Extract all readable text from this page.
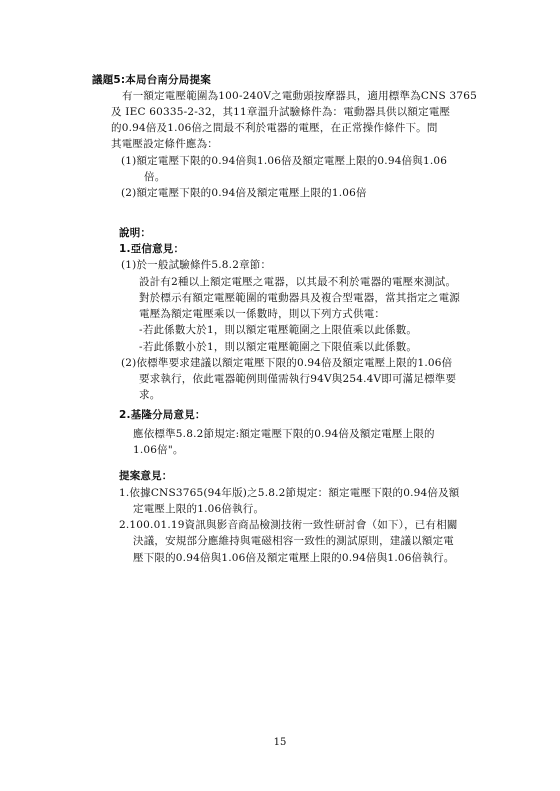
議題5:本局台南分局提案
有一額定電壓範圍為100-240V之電動頭按摩器具，適用標準為CNS 3765
及 IEC 60335-2-32，其11章溫升試驗條件為：電動器具供以額定電壓
的0.94倍及1.06倍之間最不利於電器的電壓，在正常操作條件下。問
其電壓設定條件應為：
(1)額定電壓下限的0.94倍與1.06倍及額定電壓上限的0.94倍與1.06
倍。
(2)額定電壓下限的0.94倍及額定電壓上限的1.06倍
說明：
1.亞信意見：
(1)於一般試驗條件5.8.2章節：
設計有2種以上額定電壓之電器，以其最不利於電器的電壓來測試。
對於標示有額定電壓範圍的電動器具及複合型電器，當其指定之電源
電壓為額定電壓乘以一係數時，則以下列方式供電：
-若此係數大於1，則以額定電壓範圍之上限值乘以此係數。
-若此係數小於1，則以額定電壓範圍之下限值乘以此係數。
(2)依標準要求建議以額定電壓下限的0.94倍及額定電壓上限的1.06倍
要求執行，依此電器範例則僅需執行94V與254.4V即可滿足標準要
求。
2.基隆分局意見：
應依標準5.8.2節規定:額定電壓下限的0.94倍及額定電壓上限的
1.06倍"。
提案意見：
1.依據CNS3765(94年版)之5.8.2節規定：額定電壓下限的0.94倍及額
定電壓上限的1.06倍執行。
2.100.01.19資訊與影音商品檢測技術一致性研討會（如下），已有相關
決議，安規部分應維持與電磁相容一致性的測試原則，建議以額定電
壓下限的0.94倍與1.06倍及額定電壓上限的0.94倍與1.06倍執行。
15
